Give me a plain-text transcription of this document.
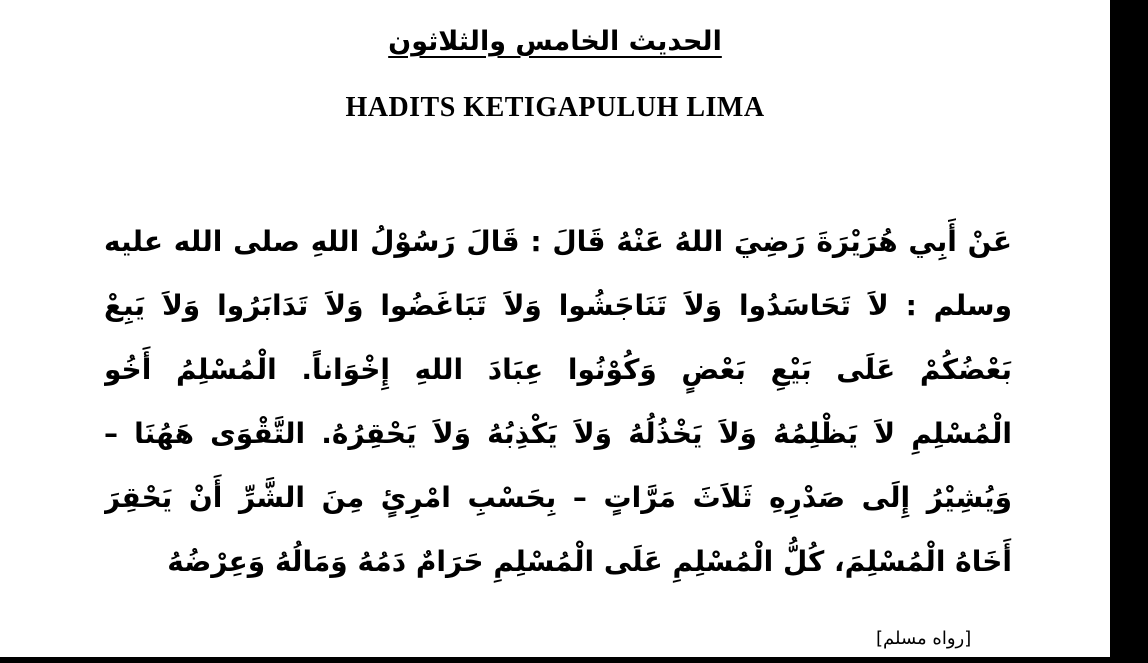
الحديث الخامس والثلاثون
HADITS KETIGAPULUH LIMA
عَنْ أَبِي هُرَيْرَةَ رَضِيَ اللهُ عَنْهُ قَالَ : قَالَ رَسُوْلُ اللهِ صلى الله عليه
وسلم : لاَ تَحَاسَدُوا وَلاَ تَنَاجَشُوا وَلاَ تَبَاغَضُوا وَلاَ تَدَابَرُوا وَلاَ يَبِعْ
بَعْضُكُمْ عَلَى بَيْعِ بَعْضٍ وَكُوْنُوا عِبَادَ اللهِ إِخْوَاناً. الْمُسْلِمُ أَخُو
الْمُسْلِمِ لاَ يَظْلِمُهُ وَلاَ يَخْذُلُهُ وَلاَ يَكْذِبُهُ وَلاَ يَحْقِرُهُ. التَّقْوَى هَهُنَا –
وَيُشِيْرُ إِلَى صَدْرِهِ ثَلاَثَ مَرَّاتٍ – بِحَسْبِ امْرِئٍ مِنَ الشَّرِّ أَنْ يَحْقِرَ
أَخَاهُ الْمُسْلِمَ، كُلُّ الْمُسْلِمِ عَلَى الْمُسْلِمِ حَرَامٌ دَمُهُ وَمَالُهُ وَعِرْضُهُ
[رواه مسلم]
